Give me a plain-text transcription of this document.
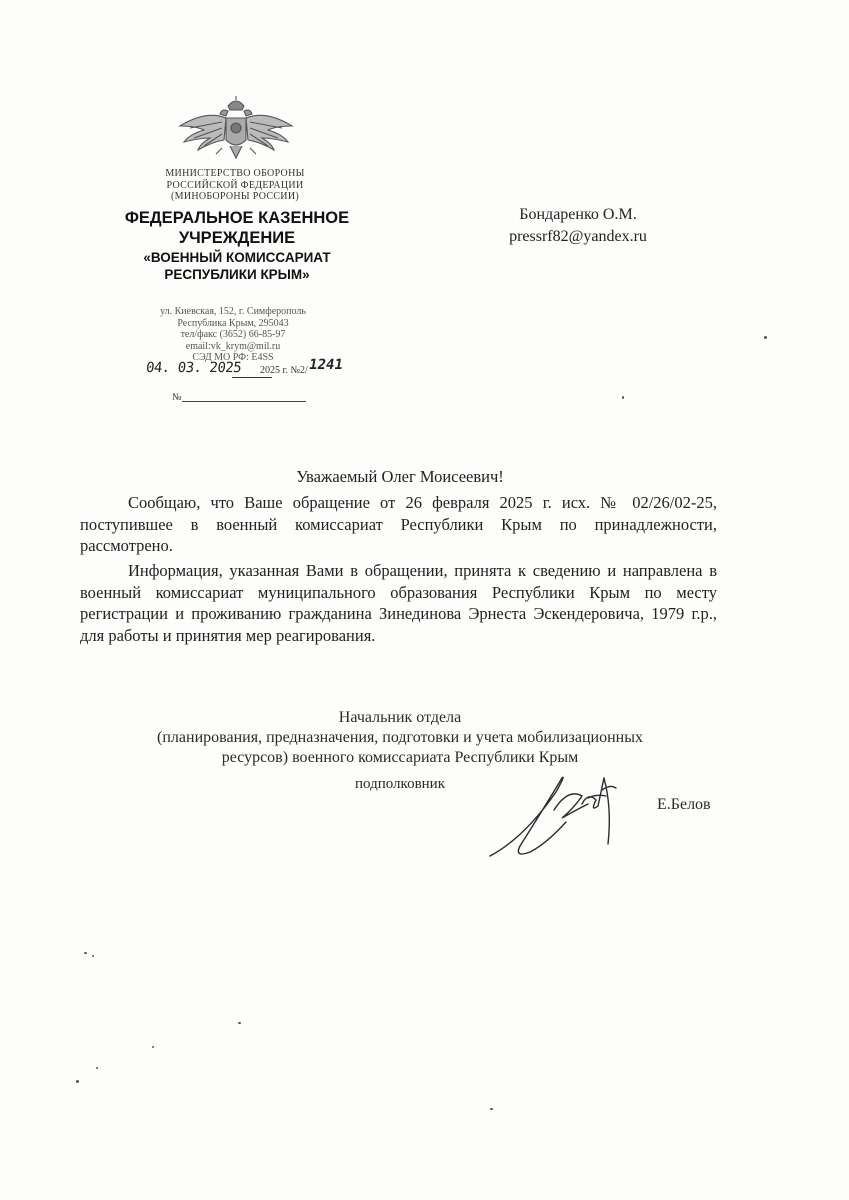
МИНИСТЕРСТВО ОБОРОНЫ
РОССИЙСКОЙ ФЕДЕРАЦИИ
(МИНОБОРОНЫ РОССИИ)
ФЕДЕРАЛЬНОЕ КАЗЕННОЕ
УЧРЕЖДЕНИЕ
«ВОЕННЫЙ КОМИССАРИАТ
РЕСПУБЛИКИ КРЫМ»
ул. Киевская, 152, г. Симферополь
Республика Крым, 295043
тел/факс (3652) 66-85-97
email:vk_krym@mil.ru
СЭД МО РФ: E4SS
04. 03. 2025 2025 г. №2/ 1241
№
Бондаренко О.М.
pressrf82@yandex.ru
Уважаемый Олег Моисеевич!

Сообщаю, что Ваше обращение от 26 февраля 2025 г. исх. № 02/26/02-25, поступившее в военный комиссариат Республики Крым по принадлежности, рассмотрено.

Информация, указанная Вами в обращении, принята к сведению и направлена в военный комиссариат муниципального образования Республики Крым по месту регистрации и проживанию гражданина Зинединова Эрнеста Эскендеровича, 1979 г.р., для работы и принятия мер реагирования.

Начальник отдела
(планирования, предназначения, подготовки и учета мобилизационных
ресурсов) военного комиссариата Республики Крым
подполковник
Е.Белов
